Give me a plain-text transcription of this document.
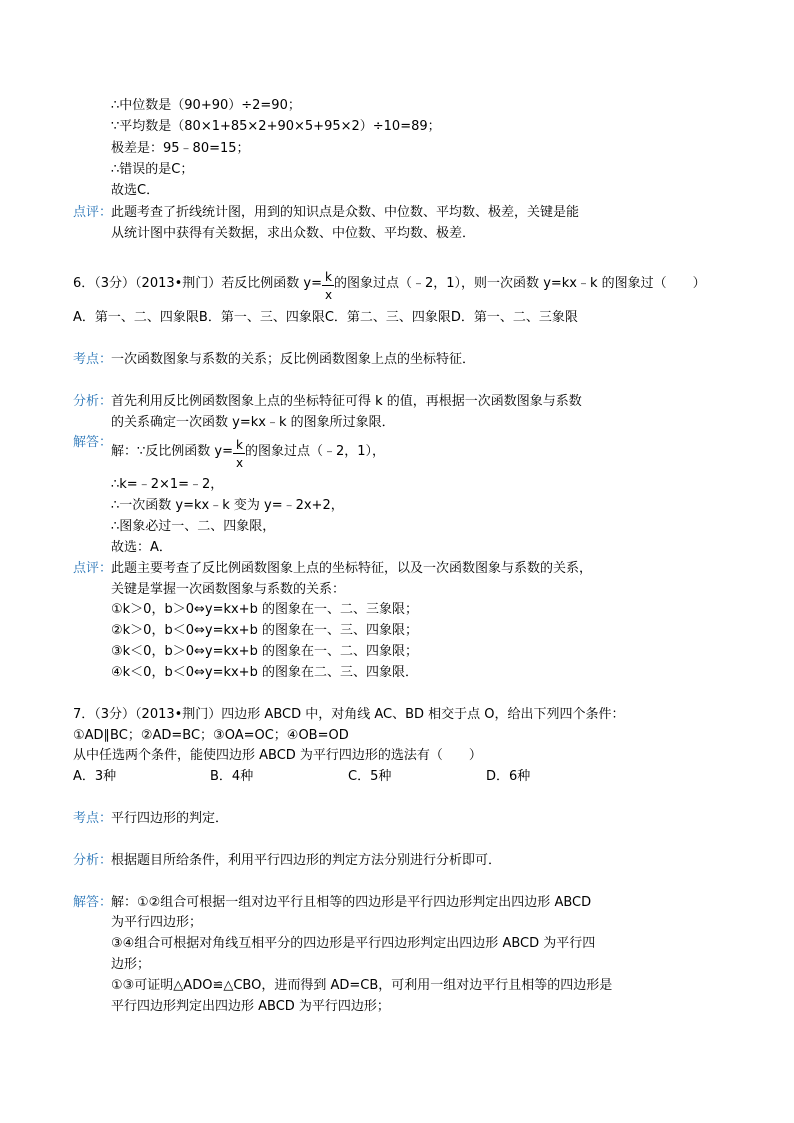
∴中位数是（90+90）÷2=90；
∵平均数是（80×1+85×2+90×5+95×2）÷10=89；
极差是：95﹣80=15；
∴错误的是C；
故选C．
点评：
此题考查了折线统计图，用到的知识点是众数、中位数、平均数、极差，关键是能
从统计图中获得有关数据，求出众数、中位数、平均数、极差．
6．（3分）（2013•荆门）若反比例函数 $y= \frac{k}{x}$ 的图象过点（﹣2，1），则一次函数 y=kx﹣k 的图象过（　　）
A．第一、二、四象限B．第一、三、四象限C．第二、三、四象限D．第一、二、三象限
考点：
一次函数图象与系数的关系；反比例函数图象上点的坐标特征．
分析：
首先利用反比例函数图象上点的坐标特征可得 k 的值，再根据一次函数图象与系数
的关系确定一次函数 y=kx﹣k 的图象所过象限．
解答：
解：∵反比例函数 $y= \frac{k}{x}$ 的图象过点（﹣2，1），
∴k=﹣2×1=﹣2，
∴一次函数 y=kx﹣k 变为 y=﹣2x+2，
∴图象必过一、二、四象限，
故选：A．
点评：
此题主要考查了反比例函数图象上点的坐标特征，以及一次函数图象与系数的关系，
关键是掌握一次函数图象与系数的关系：
①k＞0，b＞0⇔y=kx+b 的图象在一、二、三象限；
②k＞0，b＜0⇔y=kx+b 的图象在一、三、四象限；
③k＜0，b＞0⇔y=kx+b 的图象在一、二、四象限；
④k＜0，b＜0⇔y=kx+b 的图象在二、三、四象限．
7．（3分）（2013•荆门）四边形 ABCD 中，对角线 AC、BD 相交于点 O，给出下列四个条件：
①AD∥BC；②AD=BC；③OA=OC；④OB=OD
从中任选两个条件，能使四边形 ABCD 为平行四边形的选法有（　　）
A．3种	B．4种	C．5种	D．6种
考点：
平行四边形的判定．
分析：
根据题目所给条件，利用平行四边形的判定方法分别进行分析即可．
解答：
解：①②组合可根据一组对边平行且相等的四边形是平行四边形判定出四边形 ABCD
为平行四边形；
③④组合可根据对角线互相平分的四边形是平行四边形判定出四边形 ABCD 为平行四
边形；
①③可证明△ADO≌△CBO，进而得到 AD=CB，可利用一组对边平行且相等的四边形是
平行四边形判定出四边形 ABCD 为平行四边形；
